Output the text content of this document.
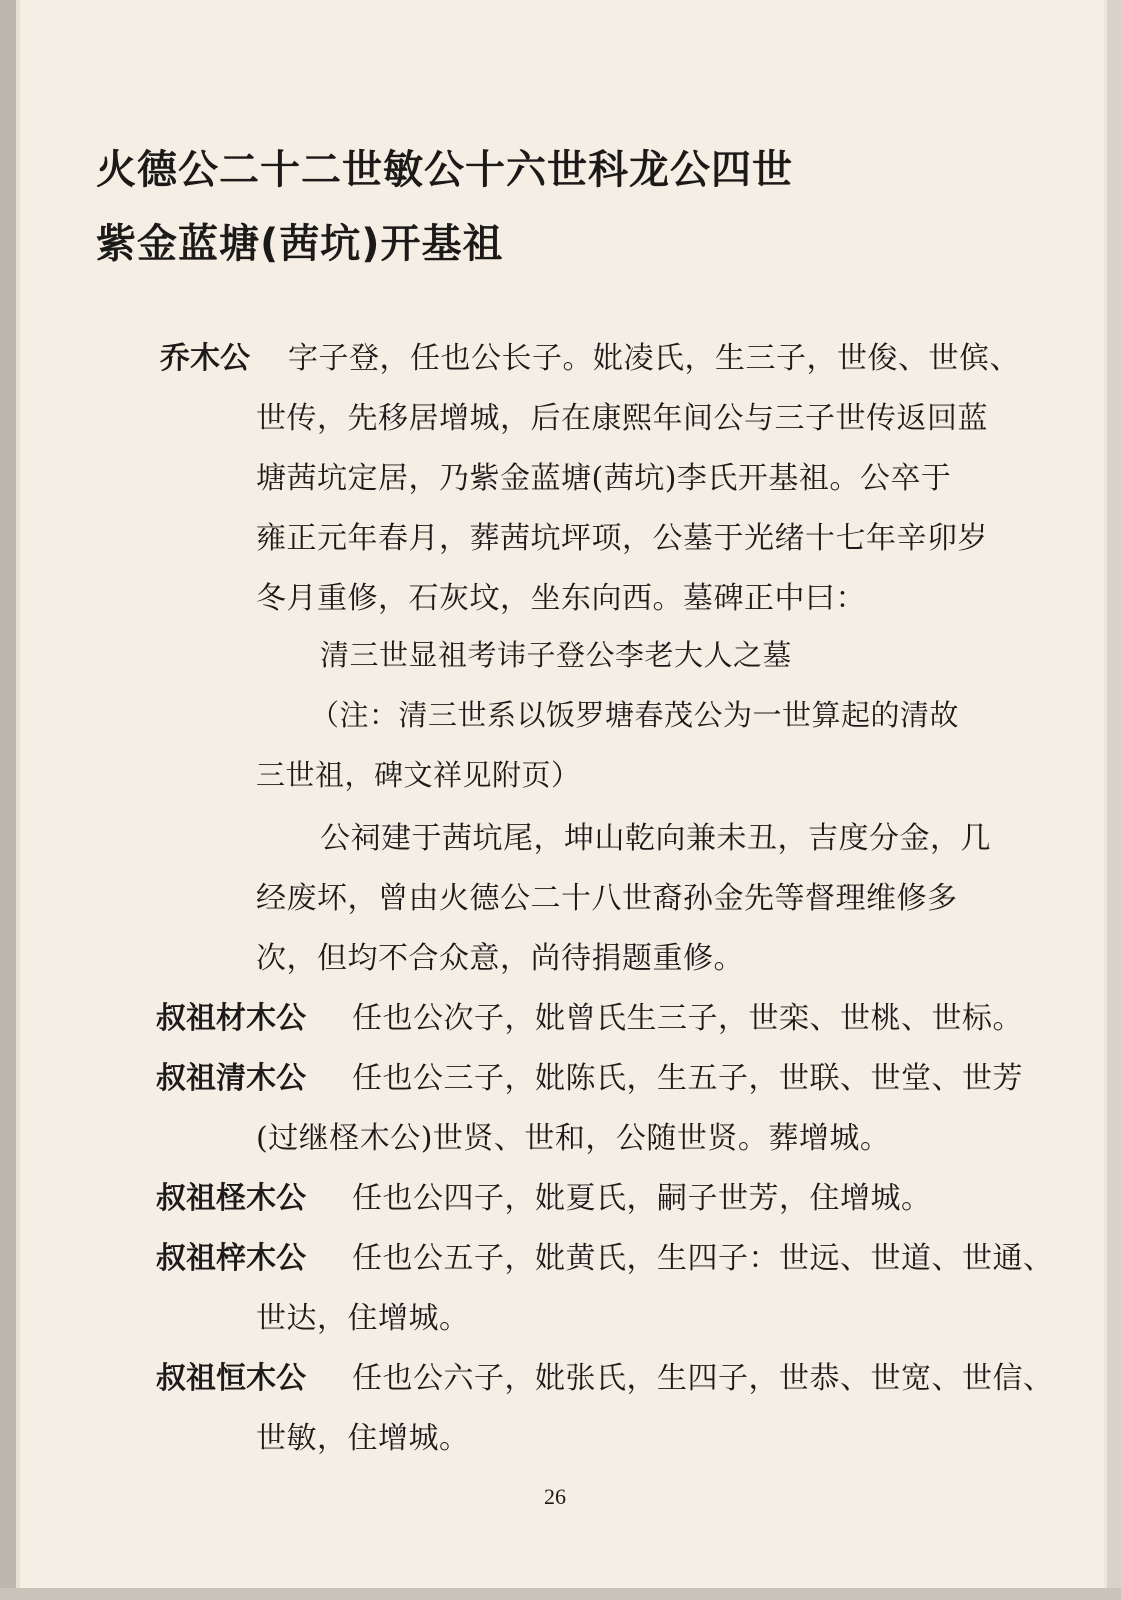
火德公二十二世敏公十六世科龙公四世
紫金蓝塘(茜坑)开基祖
乔木公 字子登，任也公长子。妣凌氏，生三子，世俊、世傧、
世传，先移居增城，后在康熙年间公与三子世传返回蓝
塘茜坑定居，乃紫金蓝塘(茜坑)李氏开基祖。公卒于
雍正元年春月，葬茜坑坪项，公墓于光绪十七年辛卯岁
冬月重修，石灰坟，坐东向西。墓碑正中曰：
清三世显祖考讳子登公李老大人之墓
（注：清三世系以饭罗塘春茂公为一世算起的清故
三世祖，碑文祥见附页）
公祠建于茜坑尾，坤山乾向兼未丑，吉度分金，几
经废坏，曾由火德公二十八世裔孙金先等督理维修多
次，但均不合众意，尚待捐题重修。
叔祖材木公 任也公次子，妣曾氏生三子，世栾、世桃、世标。
叔祖清木公 任也公三子，妣陈氏，生五子，世联、世堂、世芳
(过继柽木公)世贤、世和，公随世贤。葬增城。
叔祖柽木公 任也公四子，妣夏氏，嗣子世芳，住增城。
叔祖梓木公 任也公五子，妣黄氏，生四子：世远、世道、世通、
世达，住增城。
叔祖恒木公 任也公六子，妣张氏，生四子，世恭、世宽、世信、
世敏，住增城。
26
